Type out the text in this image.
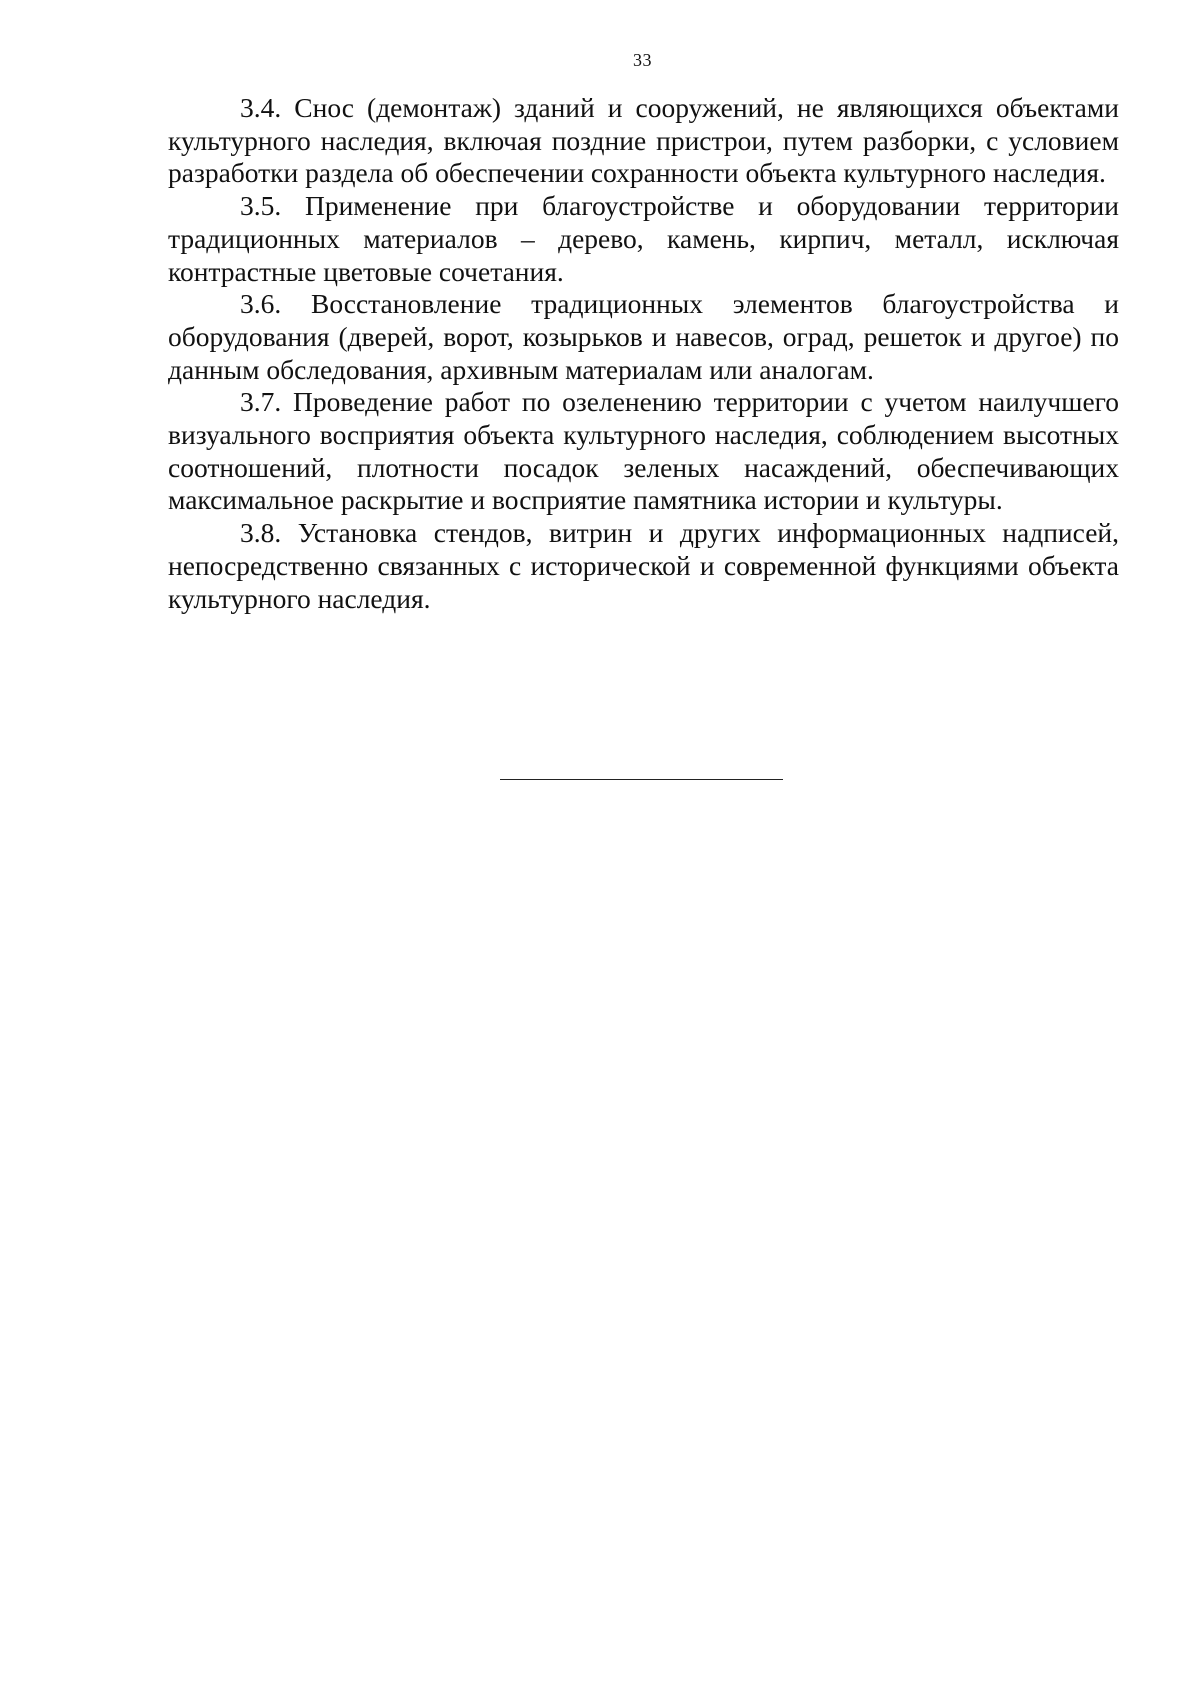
33

3.4. Снос (демонтаж) зданий и сооружений, не являющихся объектами культурного наследия, включая поздние пристрои, путем разборки, с условием разработки раздела об обеспечении сохранности объекта культурного наследия.

3.5. Применение при благоустройстве и оборудовании территории традиционных материалов – дерево, камень, кирпич, металл, исключая контрастные цветовые сочетания.

3.6. Восстановление традиционных элементов благоустройства и оборудования (дверей, ворот, козырьков и навесов, оград, решеток и другое) по данным обследования, архивным материалам или аналогам.

3.7. Проведение работ по озеленению территории с учетом наилучшего визуального восприятия объекта культурного наследия, соблюдением высотных соотношений, плотности посадок зеленых насаждений, обеспечивающих максимальное раскрытие и восприятие памятника истории и культуры.

3.8. Установка стендов, витрин и других информационных надписей, непосредственно связанных с исторической и современной функциями объекта культурного наследия.
